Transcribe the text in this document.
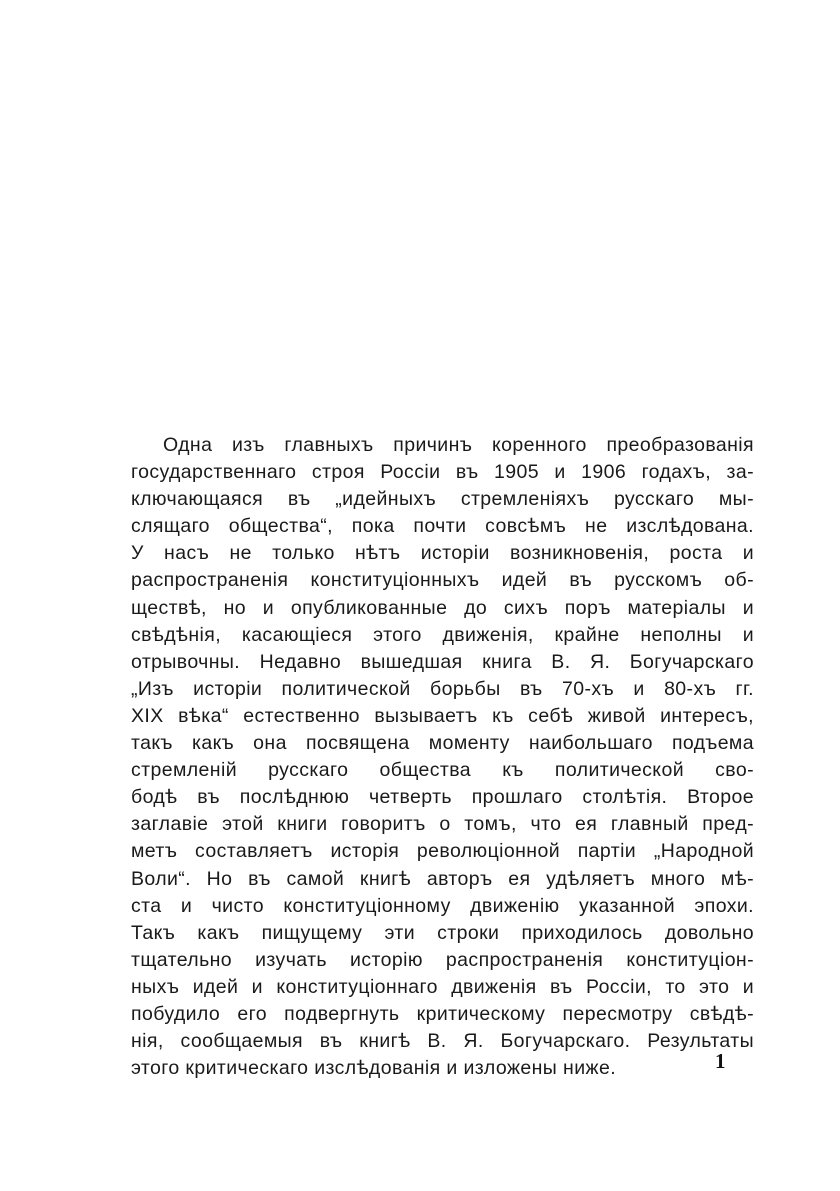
Одна изъ главныхъ причинъ коренного преобразованія
государственнаго строя Россіи въ 1905 и 1906 годахъ, за-
ключающаяся въ „идейныхъ стремленіяхъ русскаго мы-
слящаго общества“, пока почти совсѣмъ не изслѣдована.
У насъ не только нѣтъ исторіи возникновенія, роста и
распространенія конституціонныхъ идей въ русскомъ об-
ществѣ, но и опубликованные до сихъ поръ матеріалы и
свѣдѣнія, касающіеся этого движенія, крайне неполны и
отрывочны. Недавно вышедшая книга В. Я. Богучарскаго
„Изъ исторіи политической борьбы въ 70-хъ и 80-хъ гг.
XIX вѣка“ естественно вызываетъ къ себѣ живой интересъ,
такъ какъ она посвящена моменту наибольшаго подъема
стремленій русскаго общества къ политической сво-
бодѣ въ послѣднюю четверть прошлаго столѣтія. Второе
заглавіе этой книги говоритъ о томъ, что ея главный пред-
метъ составляетъ исторія революціонной партіи „Народной
Воли“. Но въ самой книгѣ авторъ ея удѣляетъ много мѣ-
ста и чисто конституціонному движенію указанной эпохи.
Такъ какъ пищущему эти строки приходилось довольно
тщательно изучать исторію распространенія конституціон-
ныхъ идей и конституціоннаго движенія въ Россіи, то это и
побудило его подвергнуть критическому пересмотру свѣдѣ-
нія, сообщаемыя въ книгѣ В. Я. Богучарскаго. Результаты
этого критическаго изслѣдованія и изложены ниже.	1
